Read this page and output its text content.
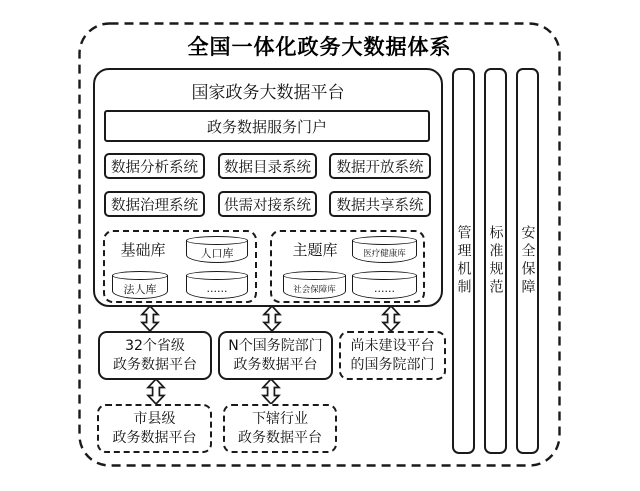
全国一体化政务大数据体系
国家政务大数据平台
政务数据服务门户
数据分析系统 数据目录系统 数据开放系统
数据治理系统 供需对接系统 数据共享系统
基础库	人口库
法人库	......
主题库	医疗健康库
社会保障库	......	管理机制 标准规范 安全保障
32个省级
政务数据平台
N个国务院部门
政务数据平台
尚未建设平台
的国务院部门
市县级
政务数据平台
下辖行业
政务数据平台
